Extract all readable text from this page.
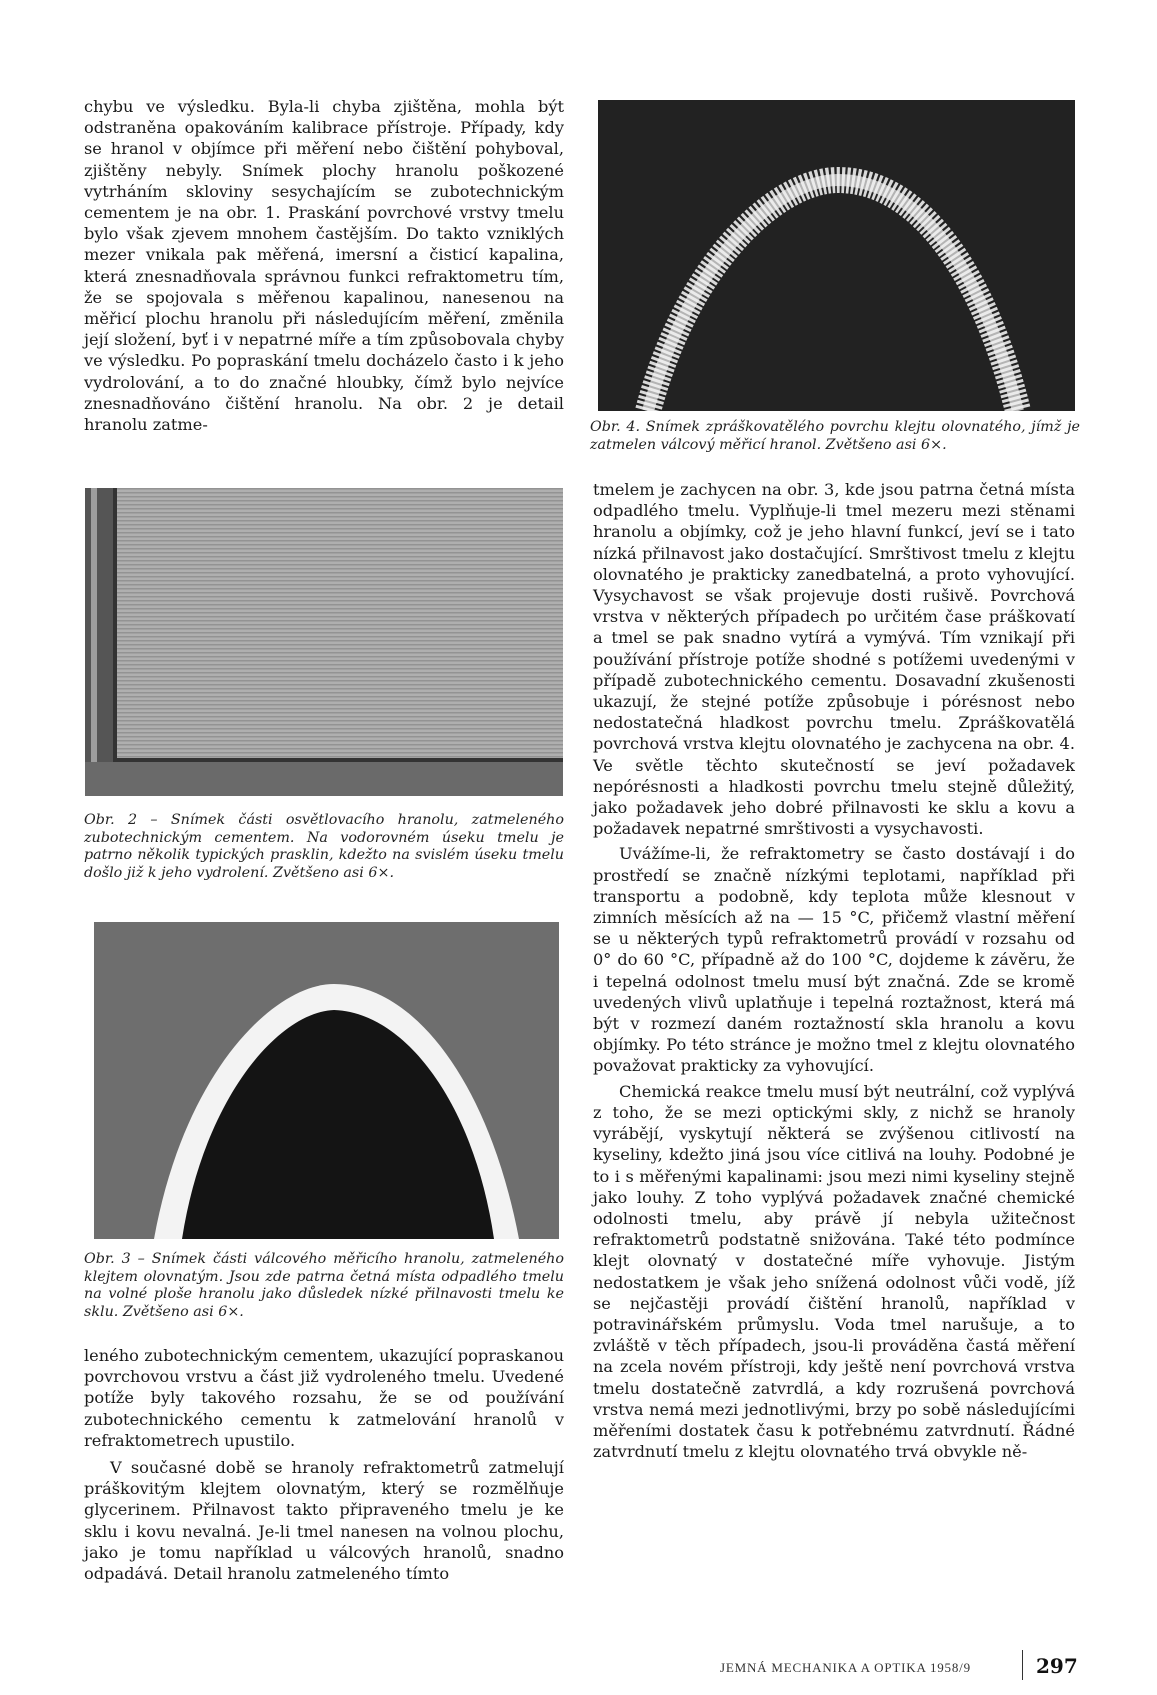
chybu ve výsledku. Byla-li chyba zjištěna, mohla být odstraněna opakováním kalibrace přístroje. Případy, kdy se hranol v objímce při měření nebo čištění pohyboval, zjištěny nebyly. Snímek plochy hranolu poškozené vytrháním skloviny sesychajícím se zubotechnickým cementem je na obr. 1. Praskání povrchové vrstvy tmelu bylo však zjevem mnohem častějším. Do takto vzniklých mezer vnikala pak měřená, imersní a čisticí kapalina, která znesnadňovala správnou funkci refraktometru tím, že se spojovala s měřenou kapalinou, nanesenou na měřicí plochu hranolu při následujícím měření, změnila její složení, byť i v nepatrné míře a tím způsobovala chyby ve výsledku. Po popraskání tmelu docházelo často i k jeho vydrolování, a to do značné hloubky, čímž bylo nejvíce znesnadňováno čištění hranolu. Na obr. 2 je detail hranolu zatme-	Obr. 4. Snímek zpráškovatělého povrchu klejtu olovnatého, jímž je zatmelen válcový měřicí hranol. Zvětšeno asi 6×.
Obr. 2 – Snímek části osvětlovacího hranolu, zatmeleného zubotechnickým cementem. Na vodorovném úseku tmelu je patrno několik typických prasklin, kdežto na svislém úseku tmelu došlo již k jeho vydrolení. Zvětšeno asi 6×.
Obr. 3 – Snímek části válcového měřicího hranolu, zatmeleného klejtem olovnatým. Jsou zde patrna četná místa odpadlého tmelu na volné ploše hranolu jako důsledek nízké přilnavosti tmelu ke sklu. Zvětšeno asi 6×.

leného zubotechnickým cementem, ukazující popraskanou povrchovou vrstvu a část již vydroleného tmelu. Uvedené potíže byly takového rozsahu, že se od používání zubotechnického cementu k zatmelování hranolů v refraktometrech upustilo.

V současné době se hranoly refraktometrů zatmelují práškovitým klejtem olovnatým, který se rozmělňuje glycerinem. Přilnavost takto připraveného tmelu je ke sklu i kovu nevalná. Je-li tmel nanesen na volnou plochu, jako je tomu například u válcových hranolů, snadno odpadává. Detail hranolu zatmeleného tímto

tmelem je zachycen na obr. 3, kde jsou patrna četná místa odpadlého tmelu. Vyplňuje-li tmel mezeru mezi stěnami hranolu a objímky, což je jeho hlavní funkcí, jeví se i tato nízká přilnavost jako dostačující. Smrštivost tmelu z klejtu olovnatého je prakticky zanedbatelná, a proto vyhovující. Vysychavost se však projevuje dosti rušivě. Povrchová vrstva v některých případech po určitém čase práškovatí a tmel se pak snadno vytírá a vymývá. Tím vznikají při používání přístroje potíže shodné s potížemi uvedenými v případě zubotechnického cementu. Dosavadní zkušenosti ukazují, že stejné potíže způsobuje i pórésnost nebo nedostatečná hladkost povrchu tmelu. Zpráškovatělá povrchová vrstva klejtu olovnatého je zachycena na obr. 4. Ve světle těchto skutečností se jeví požadavek nepórésnosti a hladkosti povrchu tmelu stejně důležitý, jako požadavek jeho dobré přilnavosti ke sklu a kovu a požadavek nepatrné smrštivosti a vysychavosti.

Uvážíme-li, že refraktometry se často dostávají i do prostředí se značně nízkými teplotami, například při transportu a podobně, kdy teplota může klesnout v zimních měsících až na — 15 °C, přičemž vlastní měření se u některých typů refraktometrů provádí v rozsahu od 0° do 60 °C, případně až do 100 °C, dojdeme k závěru, že i tepelná odolnost tmelu musí být značná. Zde se kromě uvedených vlivů uplatňuje i tepelná roztažnost, která má být v rozmezí daném roztažností skla hranolu a kovu objímky. Po této stránce je možno tmel z klejtu olovnatého považovat prakticky za vyhovující.

Chemická reakce tmelu musí být neutrální, což vyplývá z toho, že se mezi optickými skly, z nichž se hranoly vyrábějí, vyskytují některá se zvýšenou citlivostí na kyseliny, kdežto jiná jsou více citlivá na louhy. Podobné je to i s měřenými kapalinami: jsou mezi nimi kyseliny stejně jako louhy. Z toho vyplývá požadavek značné chemické odolnosti tmelu, aby právě jí nebyla užitečnost refraktometrů podstatně snižována. Také této podmínce klejt olovnatý v dostatečné míře vyhovuje. Jistým nedostatkem je však jeho snížená odolnost vůči vodě, jíž se nejčastěji provádí čištění hranolů, například v potravinářském průmyslu. Voda tmel narušuje, a to zvláště v těch případech, jsou-li prováděna častá měření na zcela novém přístroji, kdy ještě není povrchová vrstva tmelu dostatečně zatvrdlá, a kdy rozrušená povrchová vrstva nemá mezi jednotlivými, brzy po sobě následujícími měřeními dostatek času k potřebnému zatvrdnutí. Řádné zatvrdnutí tmelu z klejtu olovnatého trvá obvykle ně-

JEMNÁ MECHANIKA A OPTIKA 1958/9	297
